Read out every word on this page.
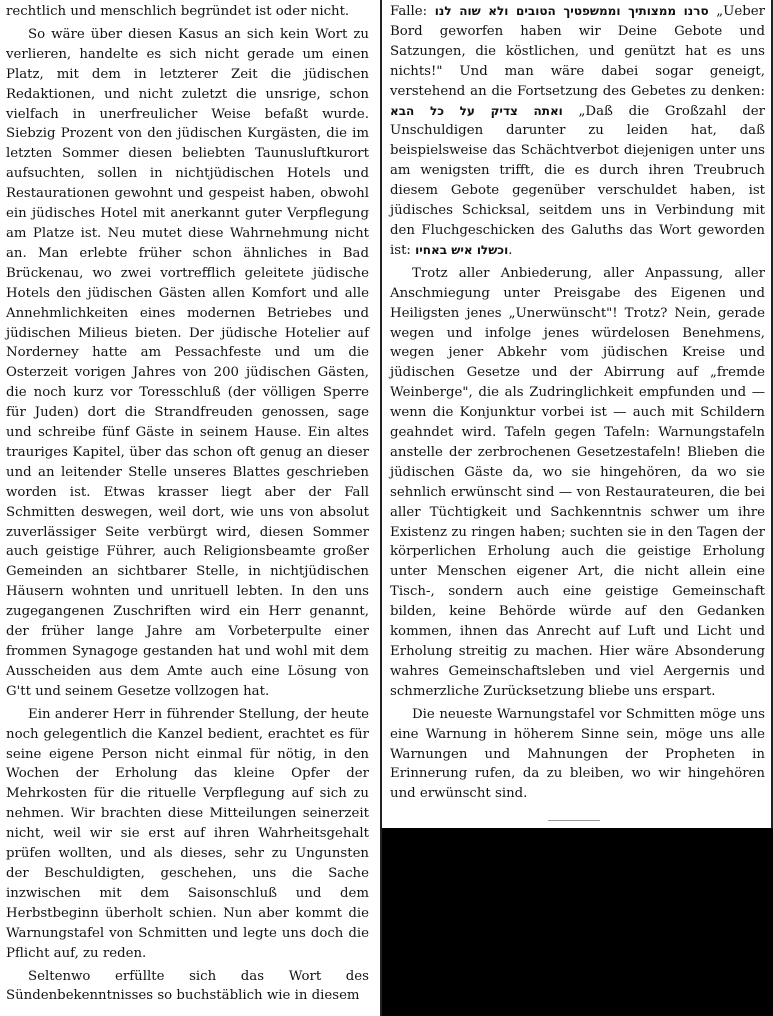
rechtlich und menschlich begründet ist oder nicht.

So wäre über diesen Kasus an sich kein Wort zu verlieren, handelte es sich nicht gerade um einen Platz, mit dem in letzterer Zeit die jüdischen Redaktionen, und nicht zuletzt die unsrige, schon vielfach in unerfreulicher Weise befaßt wurde. Siebzig Prozent von den jüdischen Kurgästen, die im letzten Sommer diesen beliebten Taunusluftkurort aufsuchten, sollen in nichtjüdischen Hotels und Restaurationen gewohnt und gespeist haben, obwohl ein jüdisches Hotel mit anerkannt guter Verpflegung am Platze ist. Neu mutet diese Wahrnehmung nicht an. Man erlebte früher schon ähnliches in Bad Brückenau, wo zwei vortrefflich geleitete jüdische Hotels den jüdischen Gästen allen Komfort und alle Annehmlichkeiten eines modernen Betriebes und jüdischen Milieus bieten. Der jüdische Hotelier auf Norderney hatte am Pessachfeste und um die Osterzeit vorigen Jahres von 200 jüdischen Gästen, die noch kurz vor Toresschluß (der völligen Sperre für Juden) dort die Strandfreuden genossen, sage und schreibe fünf Gäste in seinem Hause. Ein altes trauriges Kapitel, über das schon oft genug an dieser und an leitender Stelle unseres Blattes geschrieben worden ist. Etwas krasser liegt aber der Fall Schmitten deswegen, weil dort, wie uns von absolut zuverlässiger Seite verbürgt wird, diesen Sommer auch geistige Führer, auch Religionsbeamte großer Gemeinden an sichtbarer Stelle, in nichtjüdischen Häusern wohnten und unrituell lebten. In den uns zugegangenen Zuschriften wird ein Herr genannt, der früher lange Jahre am Vorbeterpulte einer frommen Synagoge gestanden hat und wohl mit dem Ausscheiden aus dem Amte auch eine Lösung von G'tt und seinem Gesetze vollzogen hat.

Ein anderer Herr in führender Stellung, der heute noch gelegentlich die Kanzel bedient, erachtet es für seine eigene Person nicht einmal für nötig, in den Wochen der Erholung das kleine Opfer der Mehrkosten für die rituelle Verpflegung auf sich zu nehmen. Wir brachten diese Mitteilungen seinerzeit nicht, weil wir sie erst auf ihren Wahrheitsgehalt prüfen wollten, und als dieses, sehr zu Ungunsten der Beschuldigten, geschehen, uns die Sache inzwischen mit dem Saisonschluß und dem Herbstbeginn überholt schien. Nun aber kommt die Warnungstafel von Schmitten und legte uns doch die Pflicht auf, zu reden.

Seltenwo erfüllte sich das Wort des Sündenbekenntnisses so buchstäblich wie in diesem

Falle: סרנו ממצותיך וממשפטיך הטובים ולא שוה לנו „Ueber Bord geworfen haben wir Deine Gebote und Satzungen, die köstlichen, und genützt hat es uns nichts!" Und man wäre dabei sogar geneigt, verstehend an die Fortsetzung des Gebetes zu denken: ואתה צדיק על כל הבא „Daß die Großzahl der Unschuldigen darunter zu leiden hat, daß beispielsweise das Schächtverbot diejenigen unter uns am wenigsten trifft, die es durch ihren Treubruch diesem Gebote gegenüber verschuldet haben, ist jüdisches Schicksal, seitdem uns in Verbindung mit den Fluchgeschicken des Galuths das Wort geworden ist: וכשלו איש באחיו.

Trotz aller Anbiederung, aller Anpassung, aller Anschmiegung unter Preisgabe des Eigenen und Heiligsten jenes „Unerwünscht"! Trotz? Nein, gerade wegen und infolge jenes würdelosen Benehmens, wegen jener Abkehr vom jüdischen Kreise und jüdischen Gesetze und der Abirrung auf „fremde Weinberge", die als Zudringlichkeit empfunden und — wenn die Konjunktur vorbei ist — auch mit Schildern geahndet wird. Tafeln gegen Tafeln: Warnungstafeln anstelle der zerbrochenen Gesetzestafeln! Blieben die jüdischen Gäste da, wo sie hingehören, da wo sie sehnlich erwünscht sind — von Restaurateuren, die bei aller Tüchtigkeit und Sachkenntnis schwer um ihre Existenz zu ringen haben; suchten sie in den Tagen der körperlichen Erholung auch die geistige Erholung unter Menschen eigener Art, die nicht allein eine Tisch-, sondern auch eine geistige Gemeinschaft bilden, keine Behörde würde auf den Gedanken kommen, ihnen das Anrecht auf Luft und Licht und Erholung streitig zu machen. Hier wäre Absonderung wahres Gemeinschaftsleben und viel Aergernis und schmerzliche Zurücksetzung bliebe uns erspart.

Die neueste Warnungstafel vor Schmitten möge uns eine Warnung in höherem Sinne sein, möge uns alle Warnungen und Mahnungen der Propheten in Erinnerung rufen, da zu bleiben, wo wir hingehören und erwünscht sind.
